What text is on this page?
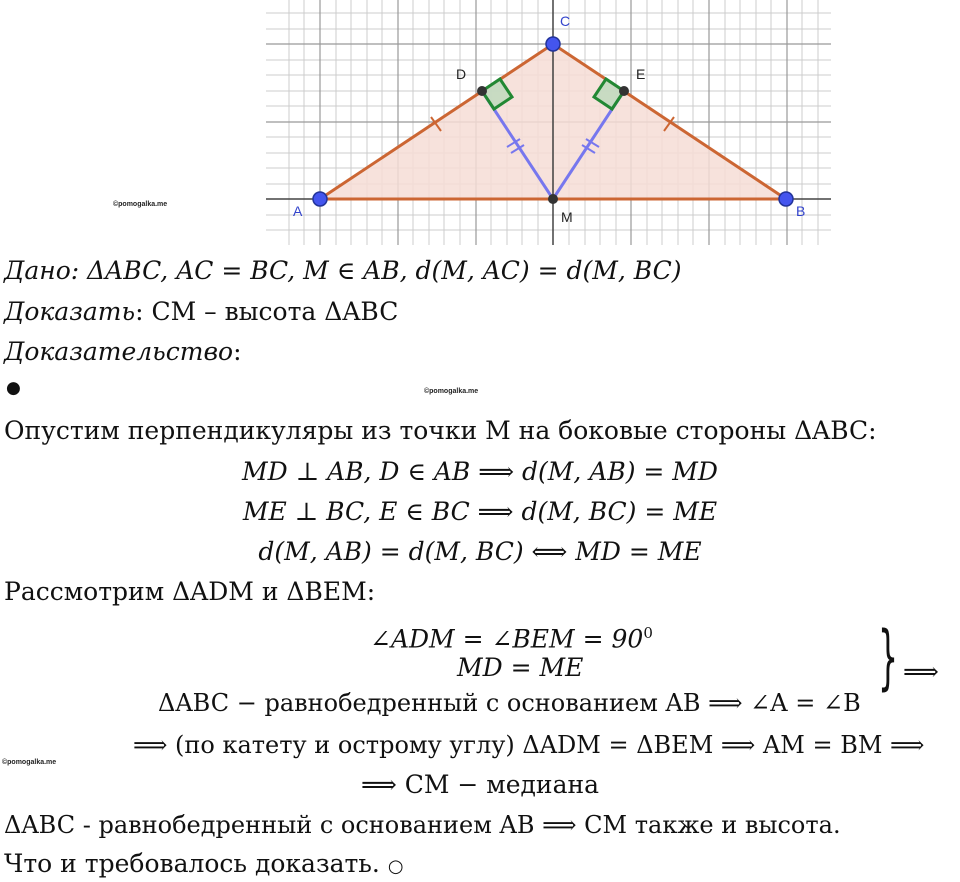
A	B
C
D	E
M
©pomogalka.me
©pomogalka.me
©pomogalka.me
Дано: ΔABC, AC = BC, M ∈ AB, d(M, AC) = d(M, BC)
Доказать: CM – высота ΔABC
Доказательство:
●
Опустим перпендикуляры из точки M на боковые стороны ΔABC:
MD ⊥ AB, D ∈ AB ⟹ d(M, AB) = MD
ME ⊥ BC, E ∈ BC ⟹ d(M, BC) = ME
d(M, AB) = d(M, BC) ⟺ MD = ME
Рассмотрим ΔADM и ΔBEM:
∠ADM = ∠BEM = $90^0$
MD = ME
ΔABC − равнобедренный с основанием AB ⟹ ∠A = ∠B
} ⟹
⟹ (по катету и острому углу) ΔADM = ΔBEM ⟹ AM = BM ⟹
⟹ CM − медиана
ΔABC - равнобедренный с основанием AB ⟹ CM также и высота.
Что и требовалось доказать. ○
